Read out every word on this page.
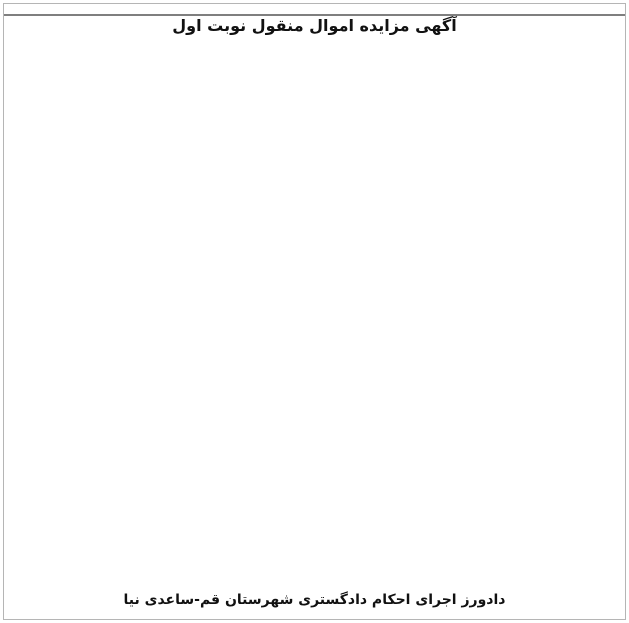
آگهی مزایده اموال منقول نوبت اول

دادورز اجرای احکام دادگستری شهرستان قم-ساعدی نیا
